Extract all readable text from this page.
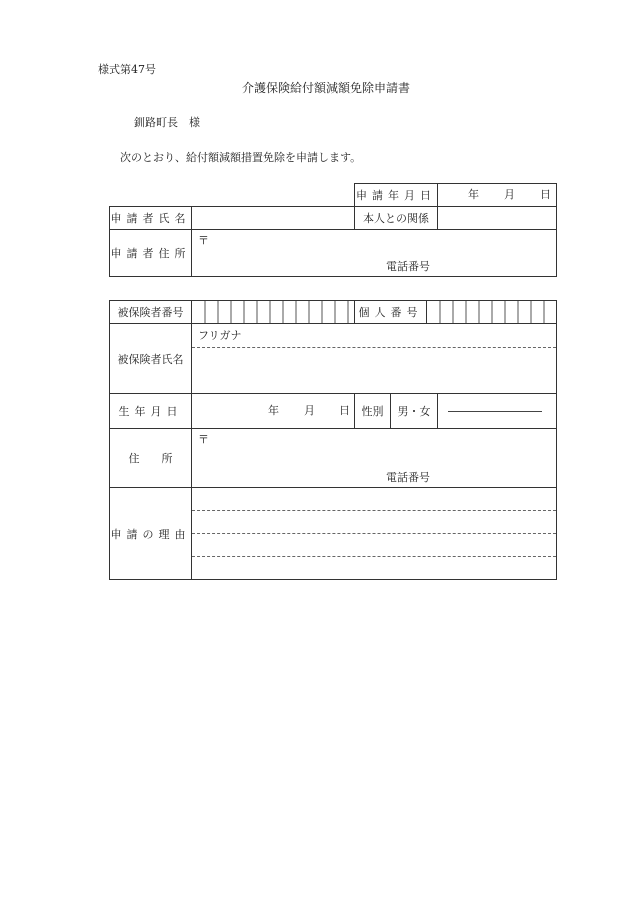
様式第47号
介護保険給付額減額免除申請書
釧路町長　様
次のとおり、給付額減額措置免除を申請します。
		申請年月日	年 月 日

申請者氏名		本人との関係	
申請者住所	〒
電話番号		
被保険者番号		個人番号			
被保険者氏名	フリガナ				

生年月日	年 月 日	性別	男・女		

住　　所	〒
電話番号				

申請の理由					
